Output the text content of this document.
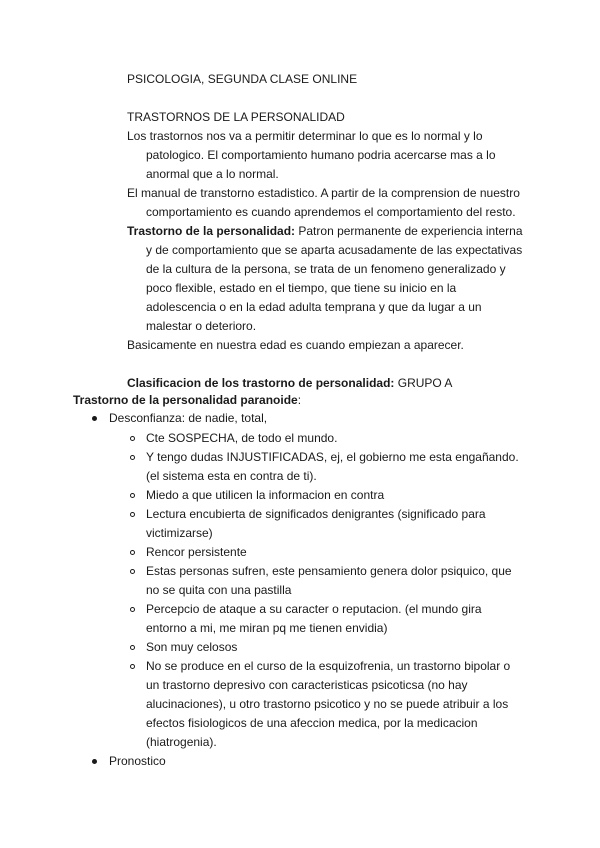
PSICOLOGIA, SEGUNDA CLASE ONLINE
TRASTORNOS DE LA PERSONALIDAD
Los trastornos nos va a permitir determinar lo que es lo normal y lo
patologico. El comportamiento humano podria acercarse mas a lo
anormal que a lo normal.
El manual de transtorno estadistico. A partir de la comprension de nuestro
comportamiento es cuando aprendemos el comportamiento del resto.
Trastorno de la personalidad: Patron permanente de experiencia interna
y de comportamiento que se aparta acusadamente de las expectativas
de la cultura de la persona, se trata de un fenomeno generalizado y
poco flexible, estado en el tiempo, que tiene su inicio en la
adolescencia o en la edad adulta temprana y que da lugar a un
malestar o deterioro.
Basicamente en nuestra edad es cuando empiezan a aparecer.
Clasificacion de los trastorno de personalidad: GRUPO A
Trastorno de la personalidad paranoide:
Desconfianza: de nadie, total,
Cte SOSPECHA, de todo el mundo.
Y tengo dudas INJUSTIFICADAS, ej, el gobierno me esta engañando.
(el sistema esta en contra de ti).
Miedo a que utilicen la informacion en contra
Lectura encubierta de significados denigrantes (significado para
victimizarse)
Rencor persistente
Estas personas sufren, este pensamiento genera dolor psiquico, que
no se quita con una pastilla
Percepcio de ataque a su caracter o reputacion. (el mundo gira
entorno a mi, me miran pq me tienen envidia)
Son muy celosos
No se produce en el curso de la esquizofrenia, un trastorno bipolar o
un trastorno depresivo con caracteristicas psicoticsa (no hay
alucinaciones), u otro trastorno psicotico y no se puede atribuir a los
efectos fisiologicos de una afeccion medica, por la medicacion
(hiatrogenia).
Pronostico
